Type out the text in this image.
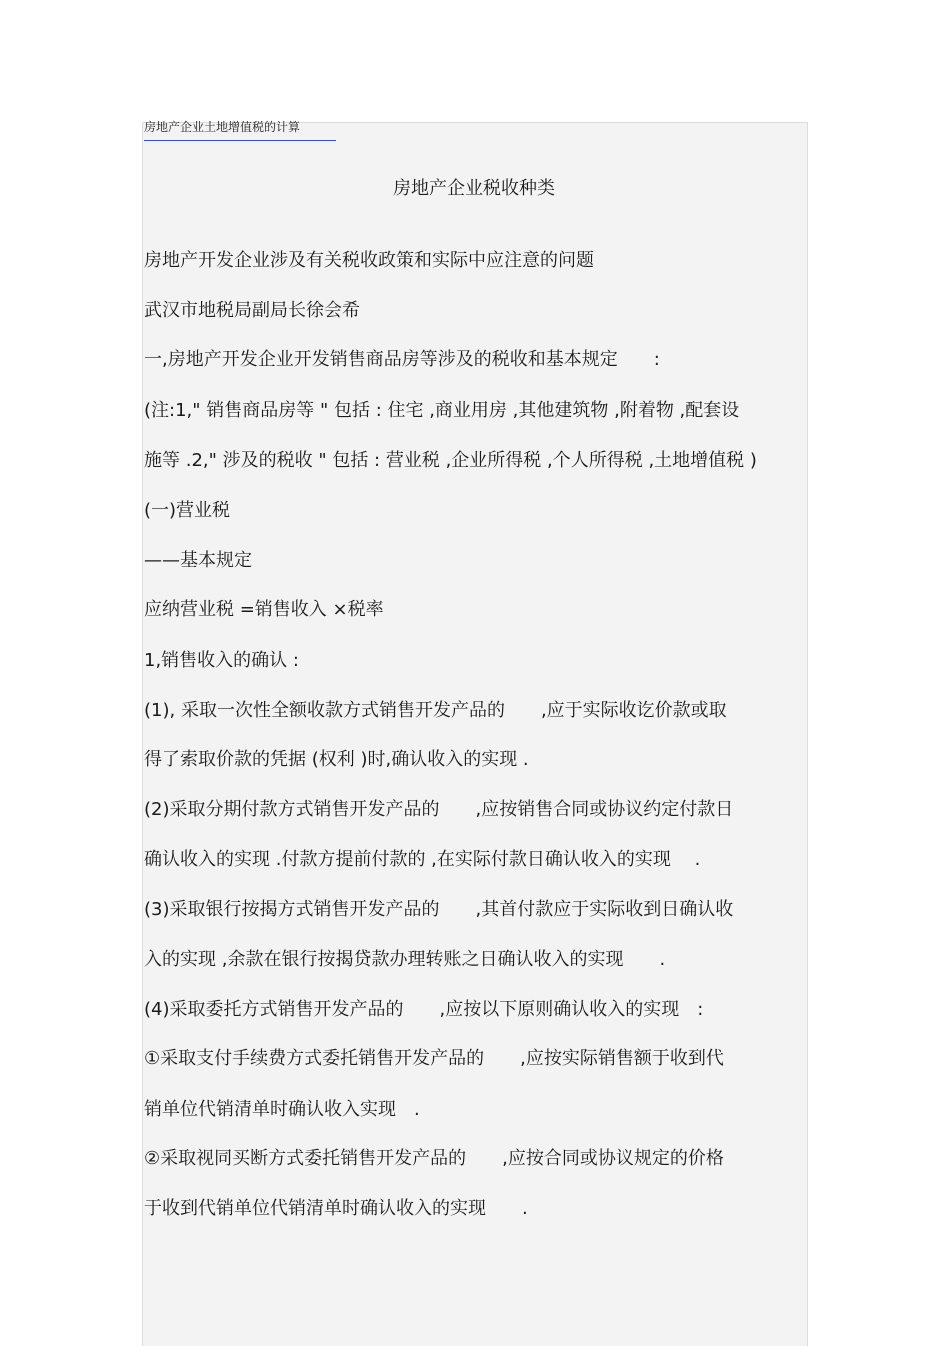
房地产企业土地增值税的计算
房地产企业税收种类
房地产开发企业涉及有关税收政策和实际中应注意的问题
武汉市地税局副局长徐会希
一,房地产开发企业开发销售商品房等涉及的税收和基本规定　　:
(注:1," 销售商品房等 " 包括 : 住宅 ,商业用房 ,其他建筑物 ,附着物 ,配套设
施等 .2," 涉及的税收 " 包括 : 营业税 ,企业所得税 ,个人所得税 ,土地增值税 )
(一)营业税
——基本规定
应纳营业税 =销售收入 ×税率
1,销售收入的确认 :
(1), 采取一次性全额收款方式销售开发产品的　　,应于实际收讫价款或取
得了索取价款的凭据 (权利 )时,确认收入的实现 .
(2)采取分期付款方式销售开发产品的　　,应按销售合同或协议约定付款日
确认收入的实现 .付款方提前付款的 ,在实际付款日确认收入的实现　 .
(3)采取银行按揭方式销售开发产品的　　,其首付款应于实际收到日确认收
入的实现 ,余款在银行按揭贷款办理转账之日确认收入的实现　　.
(4)采取委托方式销售开发产品的　　,应按以下原则确认收入的实现　:
①采取支付手续费方式委托销售开发产品的　　,应按实际销售额于收到代
销单位代销清单时确认收入实现　.
②采取视同买断方式委托销售开发产品的　　,应按合同或协议规定的价格
于收到代销单位代销清单时确认收入的实现　　.
